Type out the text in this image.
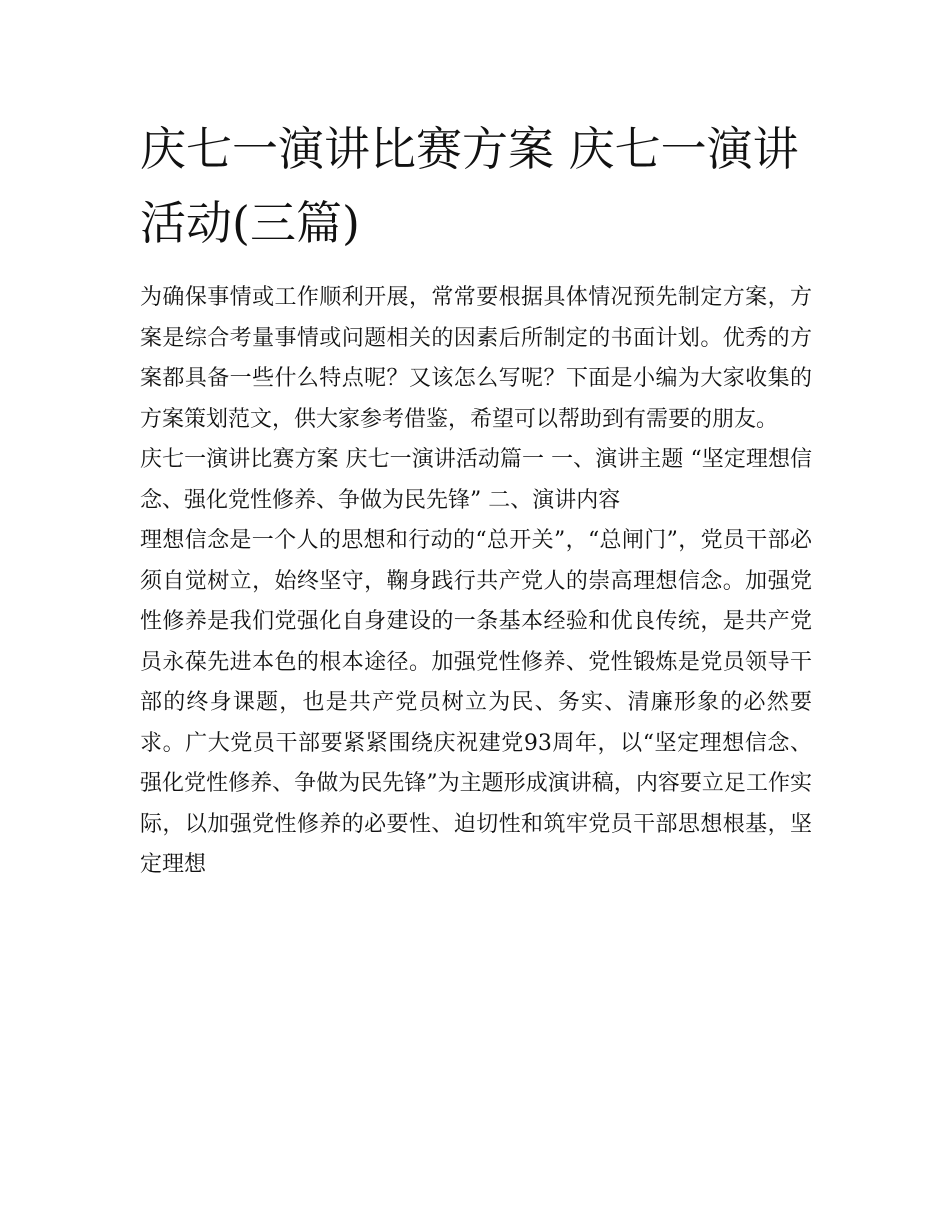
庆七一演讲比赛方案 庆七一演讲活动(三篇)

为确保事情或工作顺利开展，常常要根据具体情况预先制定方案，方案是综合考量事情或问题相关的因素后所制定的书面计划。优秀的方案都具备一些什么特点呢？又该怎么写呢？下面是小编为大家收集的方案策划范文，供大家参考借鉴，希望可以帮助到有需要的朋友。

庆七一演讲比赛方案 庆七一演讲活动篇一 一、演讲主题 “坚定理想信念、强化党性修养、争做为民先锋” 二、演讲内容

理想信念是一个人的思想和行动的“总开关”，“总闸门”，党员干部必须自觉树立，始终坚守，鞠身践行共产党人的崇高理想信念。加强党性修养是我们党强化自身建设的一条基本经验和优良传统，是共产党员永葆先进本色的根本途径。加强党性修养、党性锻炼是党员领导干部的终身课题，也是共产党员树立为民、务实、清廉形象的必然要求。广大党员干部要紧紧围绕庆祝建党93周年，以“坚定理想信念、强化党性修养、争做为民先锋”为主题形成演讲稿，内容要立足工作实际，以加强党性修养的必要性、迫切性和筑牢党员干部思想根基，坚定理想
